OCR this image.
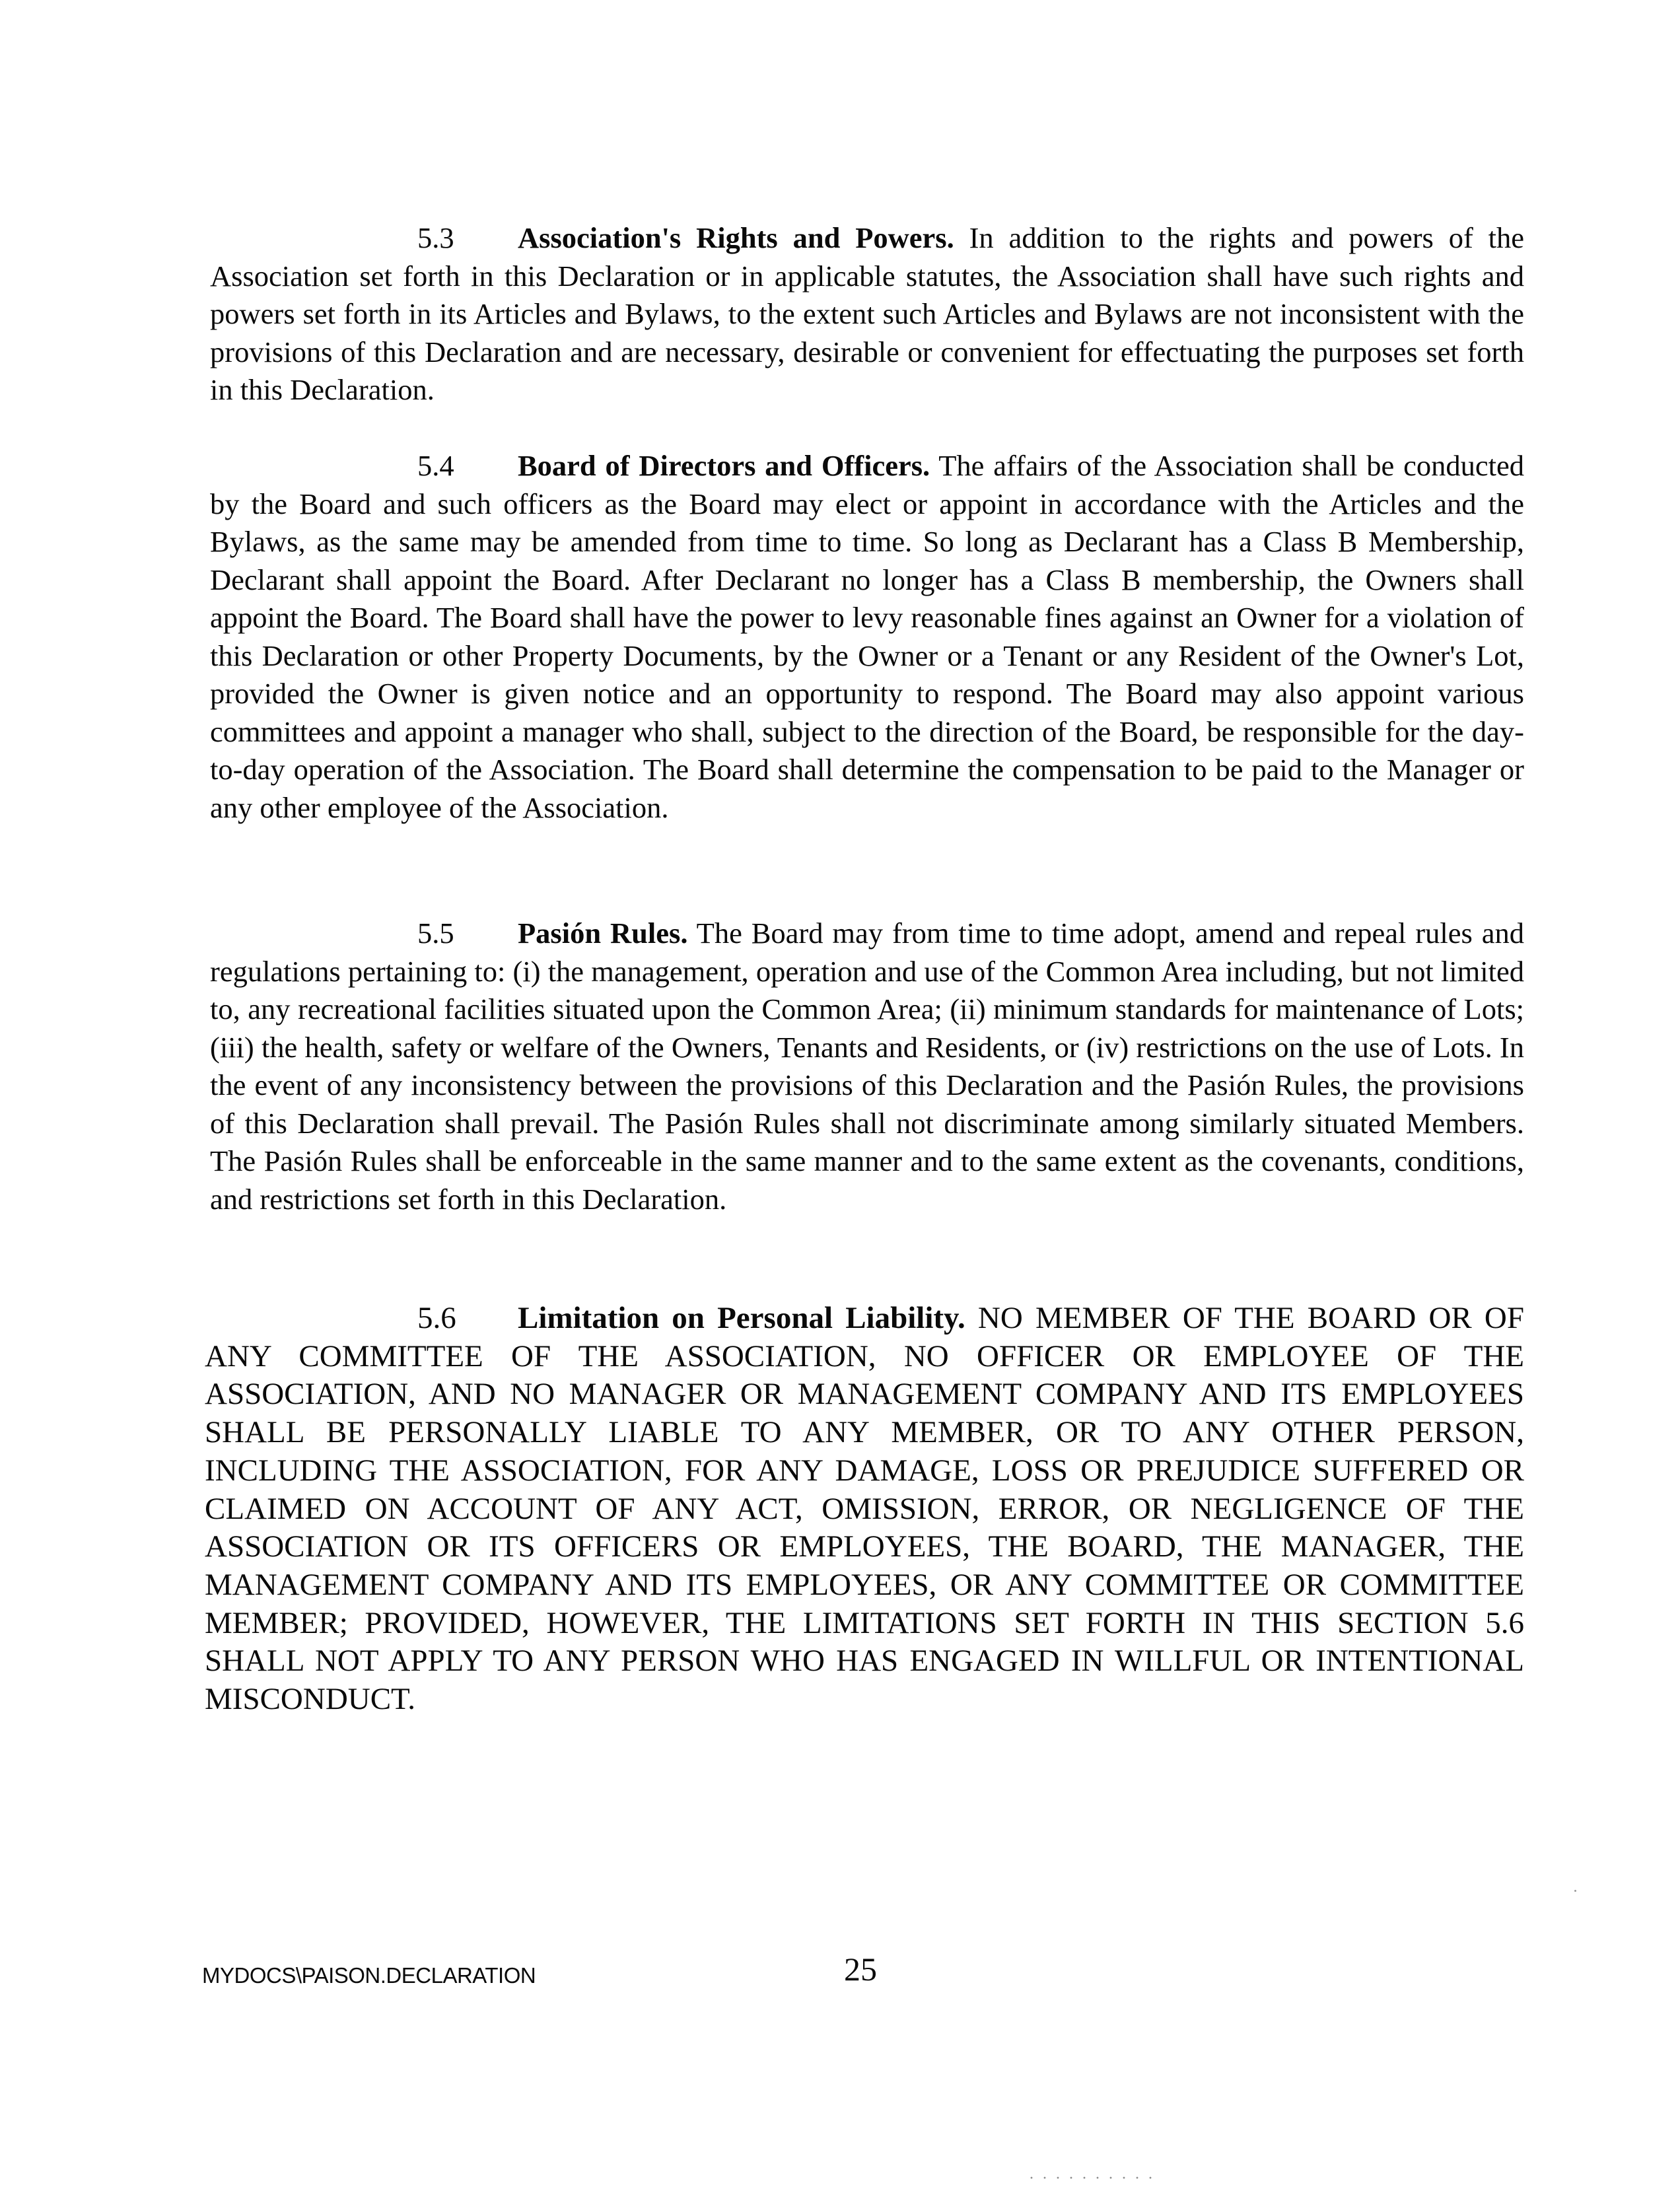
5.3 Association's Rights and Powers. In addition to the rights and powers of the Association set forth in this Declaration or in applicable statutes, the Association shall have such rights and powers set forth in its Articles and Bylaws, to the extent such Articles and Bylaws are not inconsistent with the provisions of this Declaration and are necessary, desirable or convenient for effectuating the purposes set forth in this Declaration.

5.4 Board of Directors and Officers. The affairs of the Association shall be conducted by the Board and such officers as the Board may elect or appoint in accordance with the Articles and the Bylaws, as the same may be amended from time to time. So long as Declarant has a Class B Membership, Declarant shall appoint the Board. After Declarant no longer has a Class B membership, the Owners shall appoint the Board. The Board shall have the power to levy reasonable fines against an Owner for a violation of this Declaration or other Property Documents, by the Owner or a Tenant or any Resident of the Owner's Lot, provided the Owner is given notice and an opportunity to respond. The Board may also appoint various committees and appoint a manager who shall, subject to the direction of the Board, be responsible for the day-to-day operation of the Association. The Board shall determine the compensation to be paid to the Manager or any other employee of the Association.

5.5 Pasión Rules. The Board may from time to time adopt, amend and repeal rules and regulations pertaining to: (i) the management, operation and use of the Common Area including, but not limited to, any recreational facilities situated upon the Common Area; (ii) minimum standards for maintenance of Lots; (iii) the health, safety or welfare of the Owners, Tenants and Residents, or (iv) restrictions on the use of Lots. In the event of any inconsistency between the provisions of this Declaration and the Pasión Rules, the provisions of this Declaration shall prevail. The Pasión Rules shall not discriminate among similarly situated Members. The Pasión Rules shall be enforceable in the same manner and to the same extent as the covenants, conditions, and restrictions set forth in this Declaration.

5.6 Limitation on Personal Liability. NO MEMBER OF THE BOARD OR OF ANY COMMITTEE OF THE ASSOCIATION, NO OFFICER OR EMPLOYEE OF THE ASSOCIATION, AND NO MANAGER OR MANAGEMENT COMPANY AND ITS EMPLOYEES SHALL BE PERSONALLY LIABLE TO ANY MEMBER, OR TO ANY OTHER PERSON, INCLUDING THE ASSOCIATION, FOR ANY DAMAGE, LOSS OR PREJUDICE SUFFERED OR CLAIMED ON ACCOUNT OF ANY ACT, OMISSION, ERROR, OR NEGLIGENCE OF THE ASSOCIATION OR ITS OFFICERS OR EMPLOYEES, THE BOARD, THE MANAGER, THE MANAGEMENT COMPANY AND ITS EMPLOYEES, OR ANY COMMITTEE OR COMMITTEE MEMBER; PROVIDED, HOWEVER, THE LIMITATIONS SET FORTH IN THIS SECTION 5.6 SHALL NOT APPLY TO ANY PERSON WHO HAS ENGAGED IN WILLFUL OR INTENTIONAL MISCONDUCT.

MYDOCS\PAISON.DECLARATION	25
